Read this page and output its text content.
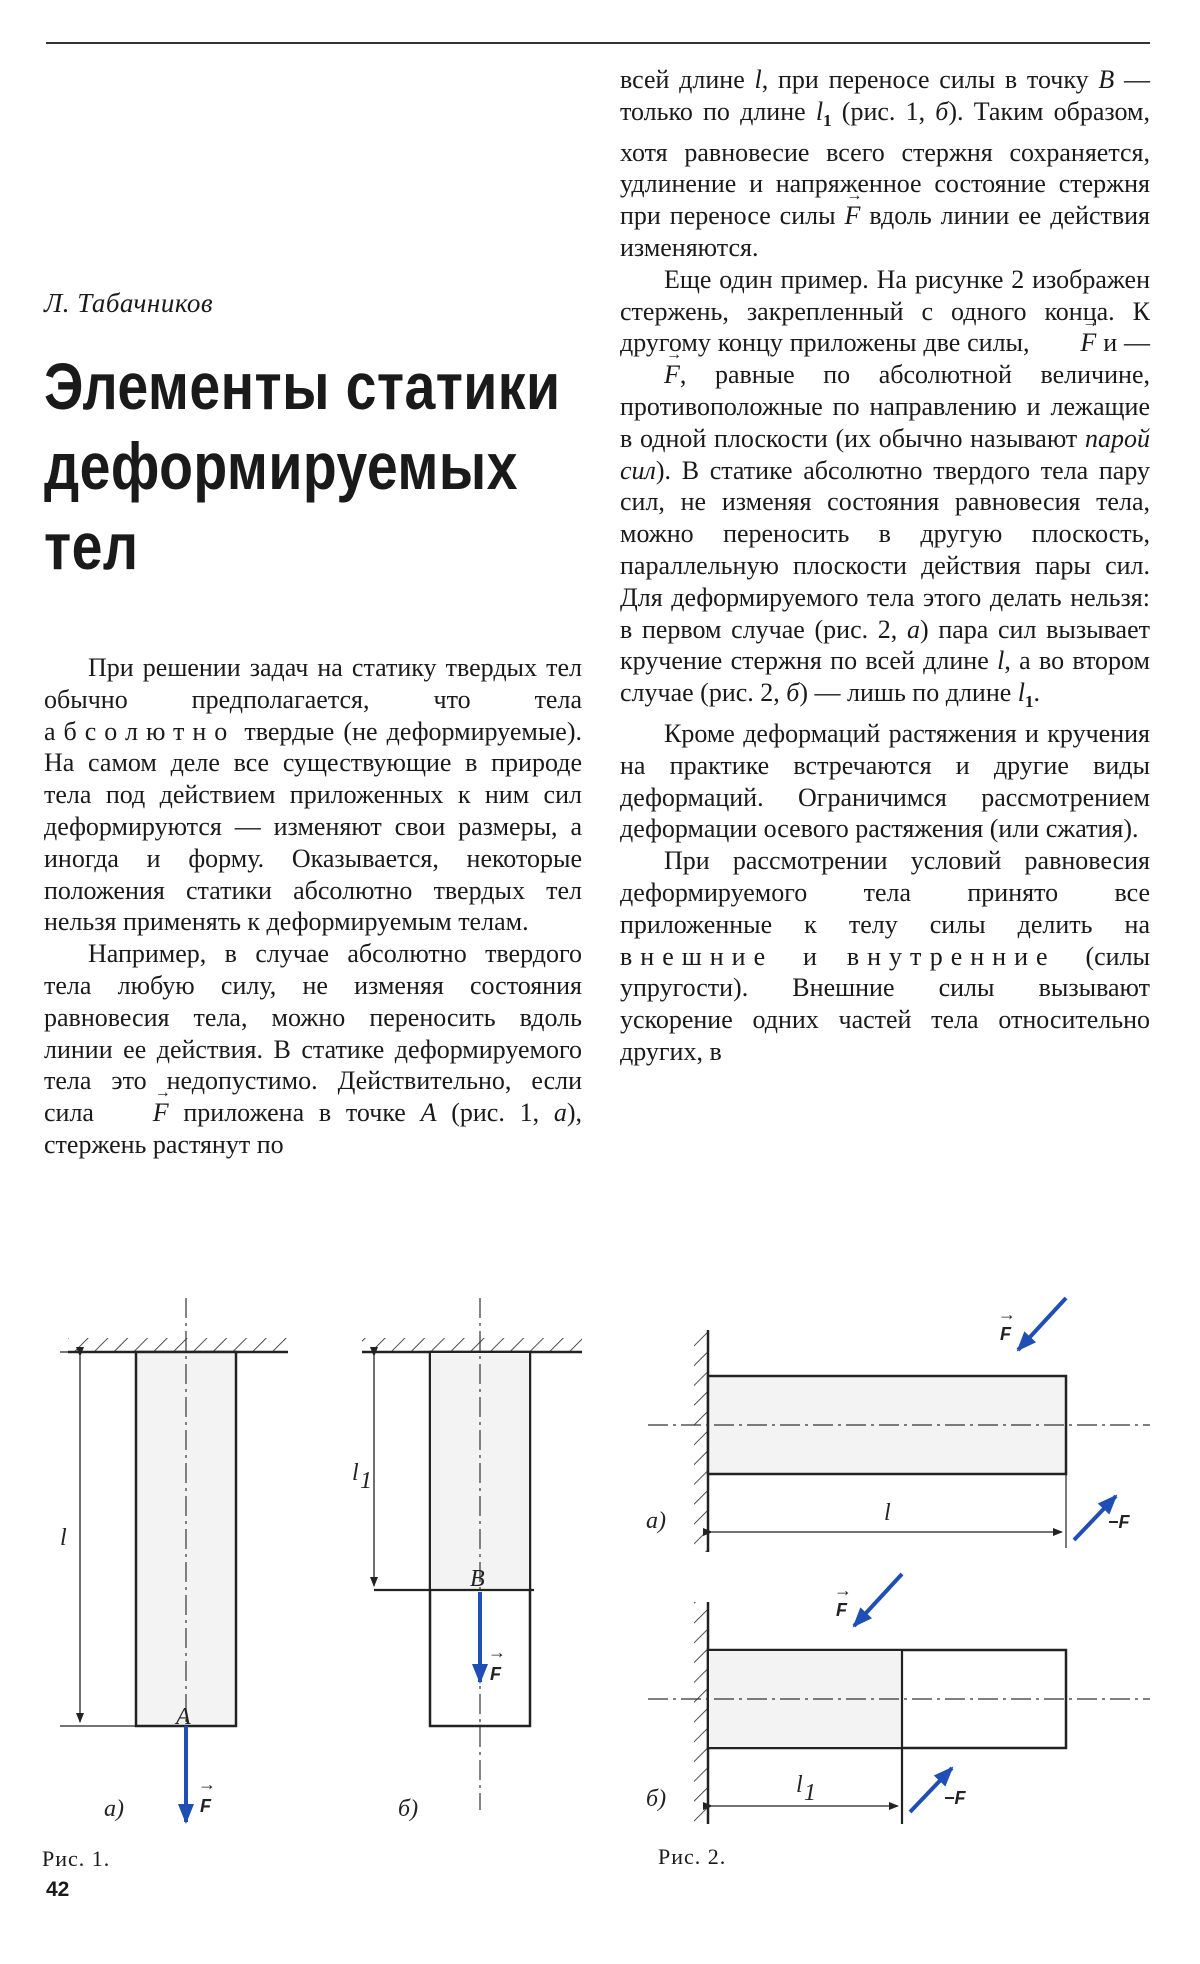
Л. Табачников
Элементы статики
деформируемых
тел

При решении задач на статику твердых тел обычно предполагается, что тела абсолютно твердые (не деформируемые). На самом деле все существующие в природе тела под действием приложенных к ним сил деформируются — изменяют свои размеры, а иногда и форму. Оказывается, некоторые положения статики абсолютно твердых тел нельзя применять к деформируемым телам.

Например, в случае абсолютно твердого тела любую силу, не изменяя состояния равновесия тела, можно переносить вдоль линии ее действия. В статике деформируемого тела это недопустимо. Действительно, если сила → F приложена в точке A (рис. 1, а), стержень растянут по

всей длине l, при переносе силы в точку B — только по длине $l_1$ (рис. 1, б). Таким образом, хотя равновесие всего стержня сохраняется, удлинение и напряженное состояние стержня при переносе силы → F вдоль линии ее действия изменяются.

Еще один пример. На рисунке 2 изображен стержень, закрепленный с одного конца. К другому концу приложены две силы, → F и —→ F, равные по абсолютной величине, противоположные по направлению и лежащие в одной плоскости (их обычно называют парой сил). В статике абсолютно твердого тела пару сил, не изменяя состояния равновесия тела, можно переносить в другую плоскость, параллельную плоскости действия пары сил. Для деформируемого тела этого делать нельзя: в первом случае (рис. 2, а) пара сил вызывает кручение стержня по всей длине l, а во втором случае (рис. 2, б) — лишь по длине $l_1$.

Кроме деформаций растяжения и кручения на практике встречаются и другие виды деформаций. Ограничимся рассмотрением деформации осевого растяжения (или сжатия).

При рассмотрении условий равновесия деформируемого тела принято все приложенные к телу силы делить на внешние и внутренние (силы упругости). Внешние силы вызывают ускорение одних частей тела относительно других, в

l
A
F
→
а)
l 1
B
F
→
б)
l
F
→
−F
а)
l 1
F
→
−F
б)
Рис. 1.	Рис. 2.
42
